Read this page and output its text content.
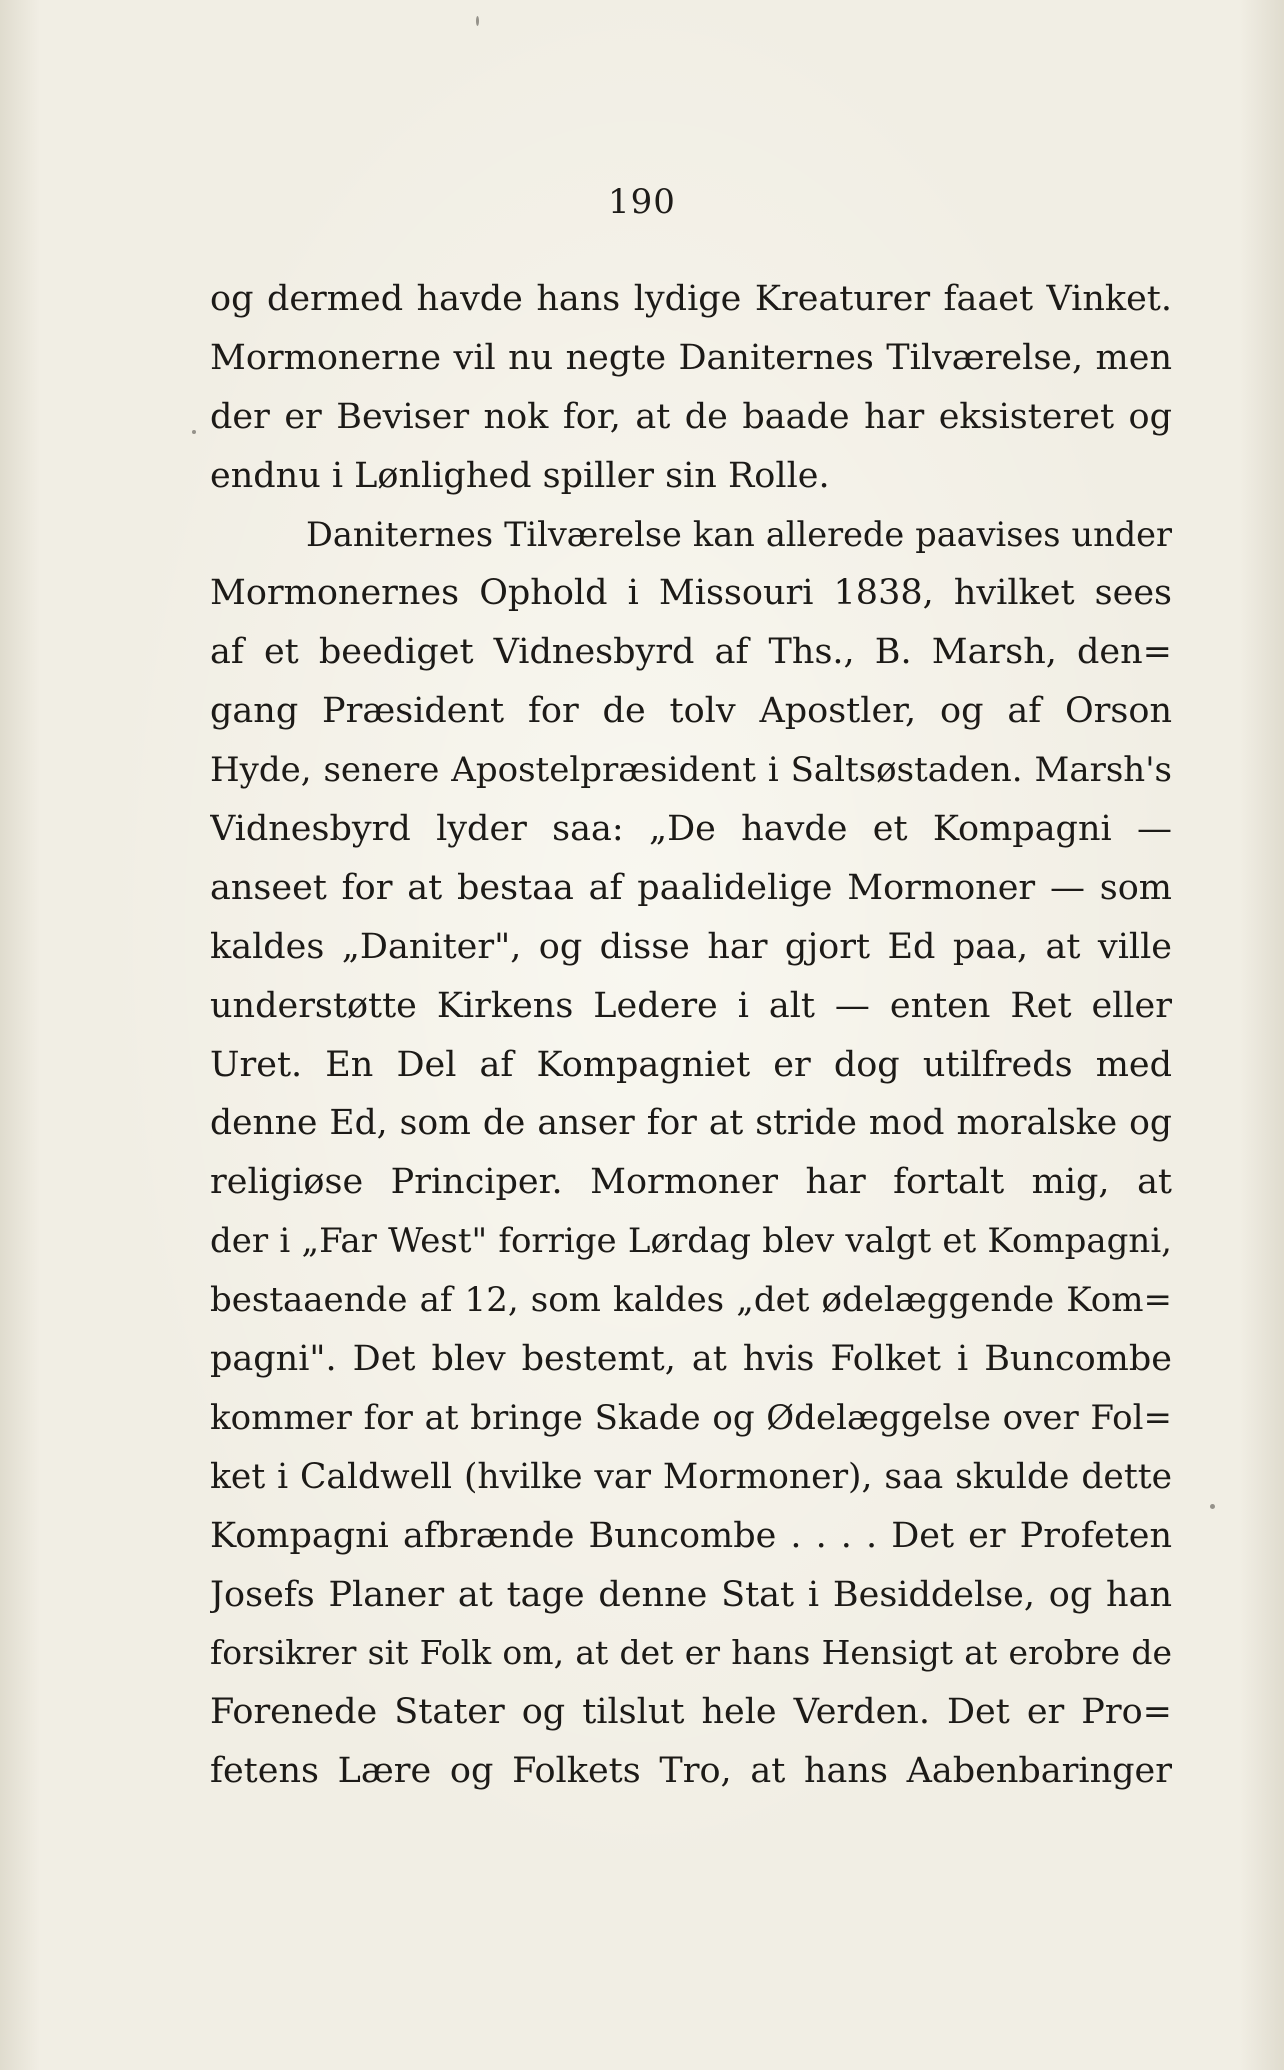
190
og dermed havde hans lydige Kreaturer faaet Vinket.
Mormonerne vil nu negte Daniternes Tilværelse, men
der er Beviser nok for, at de baade har eksisteret og
endnu i Lønlighed spiller sin Rolle.
Daniternes Tilværelse kan allerede paavises under
Mormonernes Ophold i Missouri 1838, hvilket sees
af et beediget Vidnesbyrd af Ths., B. Marsh, den=
gang Præsident for de tolv Apostler, og af Orson
Hyde, senere Apostelpræsident i Saltsøstaden. Marsh's
Vidnesbyrd lyder saa: „De havde et Kompagni —
anseet for at bestaa af paalidelige Mormoner — som
kaldes „Daniter", og disse har gjort Ed paa, at ville
understøtte Kirkens Ledere i alt — enten Ret eller
Uret. En Del af Kompagniet er dog utilfreds med
denne Ed, som de anser for at stride mod moralske og
religiøse Principer. Mormoner har fortalt mig, at
der i „Far West" forrige Lørdag blev valgt et Kompagni,
bestaaende af 12, som kaldes „det ødelæggende Kom=
pagni". Det blev bestemt, at hvis Folket i Buncombe
kommer for at bringe Skade og Ødelæggelse over Fol=
ket i Caldwell (hvilke var Mormoner), saa skulde dette
Kompagni afbrænde Buncombe . . . . Det er Profeten
Josefs Planer at tage denne Stat i Besiddelse, og han
forsikrer sit Folk om, at det er hans Hensigt at erobre de
Forenede Stater og tilslut hele Verden. Det er Pro=
fetens Lære og Folkets Tro, at hans Aabenbaringer
